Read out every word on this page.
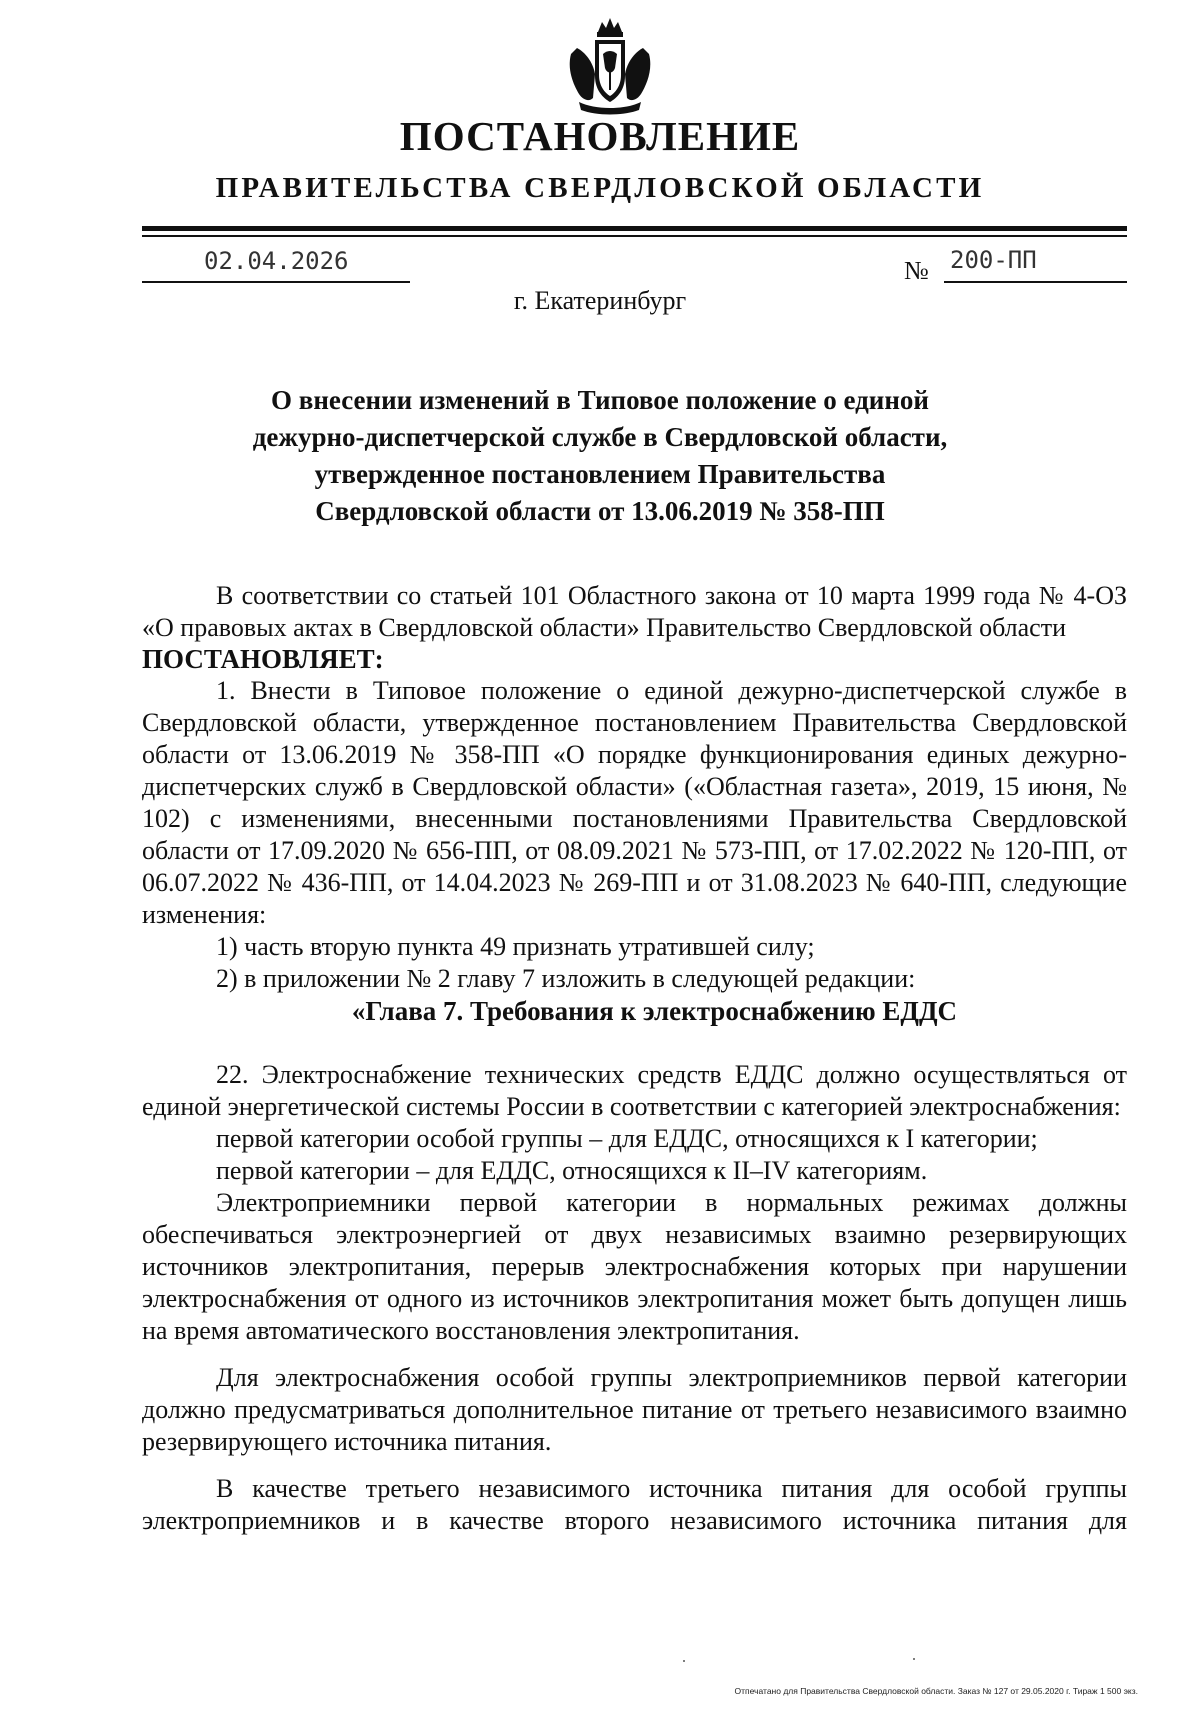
ПОСТАНОВЛЕНИЕ
ПРАВИТЕЛЬСТВА СВЕРДЛОВСКОЙ ОБЛАСТИ
02.04.2026	№ 200-ПП
г. Екатеринбург
О внесении изменений в Типовое положение о единой
дежурно-диспетчерской службе в Свердловской области,
утвержденное постановлением Правительства
Свердловской области от 13.06.2019 № 358-ПП

В соответствии со статьей 101 Областного закона от 10 марта 1999 года № 4-ОЗ «О правовых актах в Свердловской области» Правительство Свердловской области

ПОСТАНОВЛЯЕТ:

1. Внести в Типовое положение о единой дежурно-диспетчерской службе в Свердловской области, утвержденное постановлением Правительства Свердловской области от 13.06.2019 № 358-ПП «О порядке функционирования единых дежурно-диспетчерских служб в Свердловской области» («Областная газета», 2019, 15 июня, № 102) с изменениями, внесенными постановлениями Правительства Свердловской области от 17.09.2020 № 656-ПП, от 08.09.2021 № 573-ПП, от 17.02.2022 № 120-ПП, от 06.07.2022 № 436-ПП, от 14.04.2023 № 269-ПП и от 31.08.2023 № 640-ПП, следующие изменения:

1) часть вторую пункта 49 признать утратившей силу;

2) в приложении № 2 главу 7 изложить в следующей редакции:

«Глава 7. Требования к электроснабжению ЕДДС

22. Электроснабжение технических средств ЕДДС должно осуществляться от единой энергетической системы России в соответствии с категорией электроснабжения:

первой категории особой группы – для ЕДДС, относящихся к I категории;

первой категории – для ЕДДС, относящихся к II–IV категориям.

Электроприемники первой категории в нормальных режимах должны обеспечиваться электроэнергией от двух независимых взаимно резервирующих источников электропитания, перерыв электроснабжения которых при нарушении электроснабжения от одного из источников электропитания может быть допущен лишь на время автоматического восстановления электропитания.

Для электроснабжения особой группы электроприемников первой категории должно предусматриваться дополнительное питание от третьего независимого взаимно резервирующего источника питания.

В качестве третьего независимого источника питания для особой группы электроприемников и в качестве второго независимого источника питания для

Отпечатано для Правительства Свердловской области. Заказ № 127 от 29.05.2020 г. Тираж 1 500 экз.
